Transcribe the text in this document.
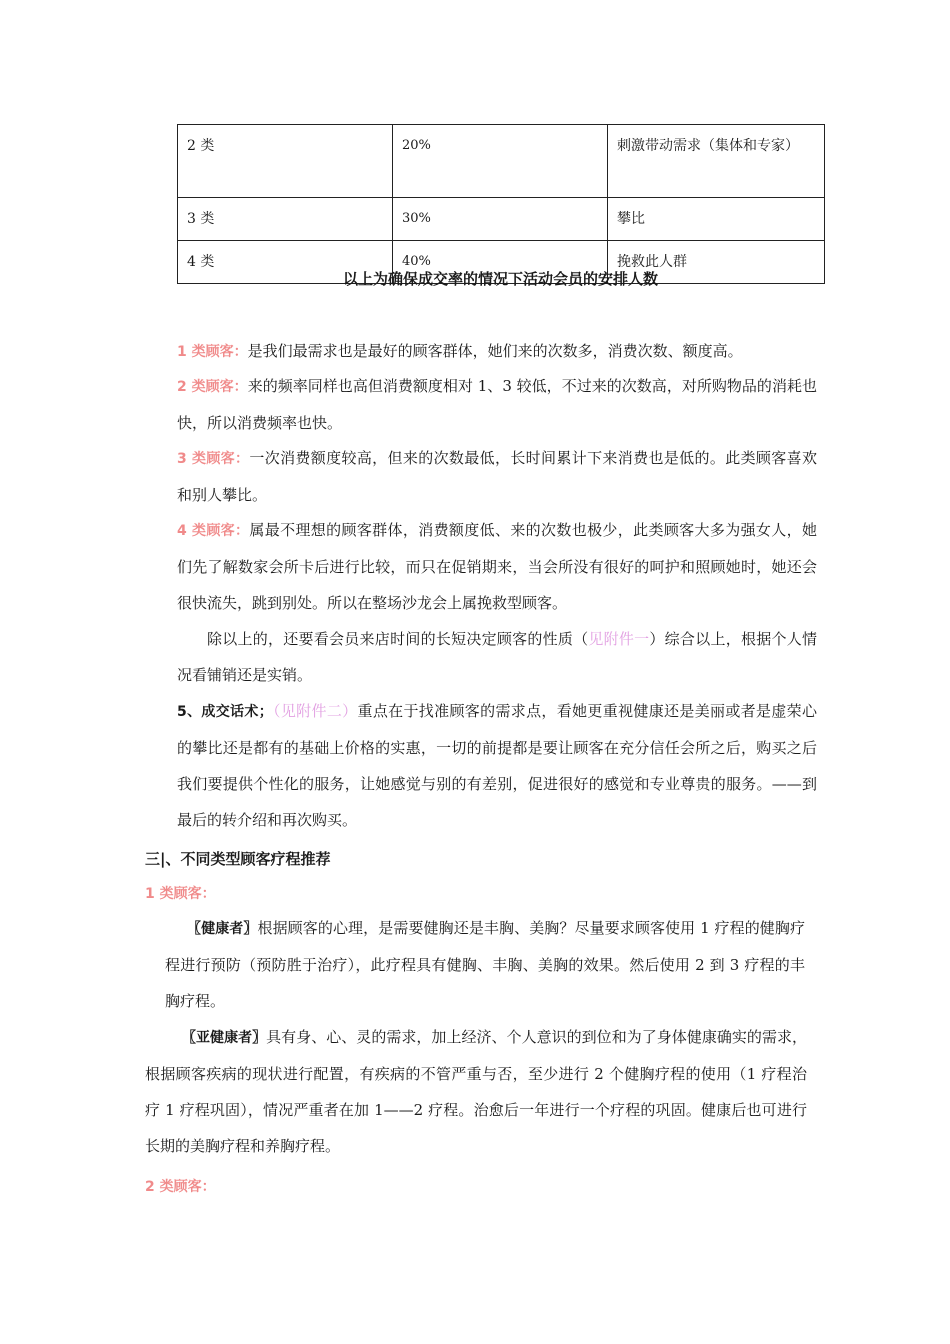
2 类	20%	刺激带动需求（集体和专家）
3 类	30%	攀比
4 类	40%	挽救此人群
以上为确保成交率的情况下活动会员的安排人数
1 类顾客：是我们最需求也是最好的顾客群体，她们来的次数多，消费次数、额度高。
2 类顾客：来的频率同样也高但消费额度相对 1、3 较低，不过来的次数高，对所购物品的消耗也快，所以消费频率也快。
3 类顾客：一次消费额度较高，但来的次数最低，长时间累计下来消费也是低的。此类顾客喜欢和别人攀比。
4 类顾客：属最不理想的顾客群体，消费额度低、来的次数也极少，此类顾客大多为强女人，她们先了解数家会所卡后进行比较，而只在促销期来，当会所没有很好的呵护和照顾她时，她还会很快流失，跳到别处。所以在整场沙龙会上属挽救型顾客。
除以上的，还要看会员来店时间的长短决定顾客的性质（见附件一）综合以上，根据个人情况看铺销还是实销。
5、成交话术；（见附件二）重点在于找准顾客的需求点，看她更重视健康还是美丽或者是虚荣心的攀比还是都有的基础上价格的实惠，一切的前提都是要让顾客在充分信任会所之后，购买之后我们要提供个性化的服务，让她感觉与别的有差别，促进很好的感觉和专业尊贵的服务。——到最后的转介绍和再次购买。
三|、不同类型顾客疗程推荐
1 类顾客：
〖健康者〗根据顾客的心理，是需要健胸还是丰胸、美胸？尽量要求顾客使用 1 疗程的健胸疗程进行预防（预防胜于治疗），此疗程具有健胸、丰胸、美胸的效果。然后使用 2 到 3 疗程的丰胸疗程。
〖亚健康者〗具有身、心、灵的需求，加上经济、个人意识的到位和为了身体健康确实的需求，根据顾客疾病的现状进行配置，有疾病的不管严重与否，至少进行 2 个健胸疗程的使用（1 疗程治疗 1 疗程巩固），情况严重者在加 1——2 疗程。治愈后一年进行一个疗程的巩固。健康后也可进行长期的美胸疗程和养胸疗程。
2 类顾客：
